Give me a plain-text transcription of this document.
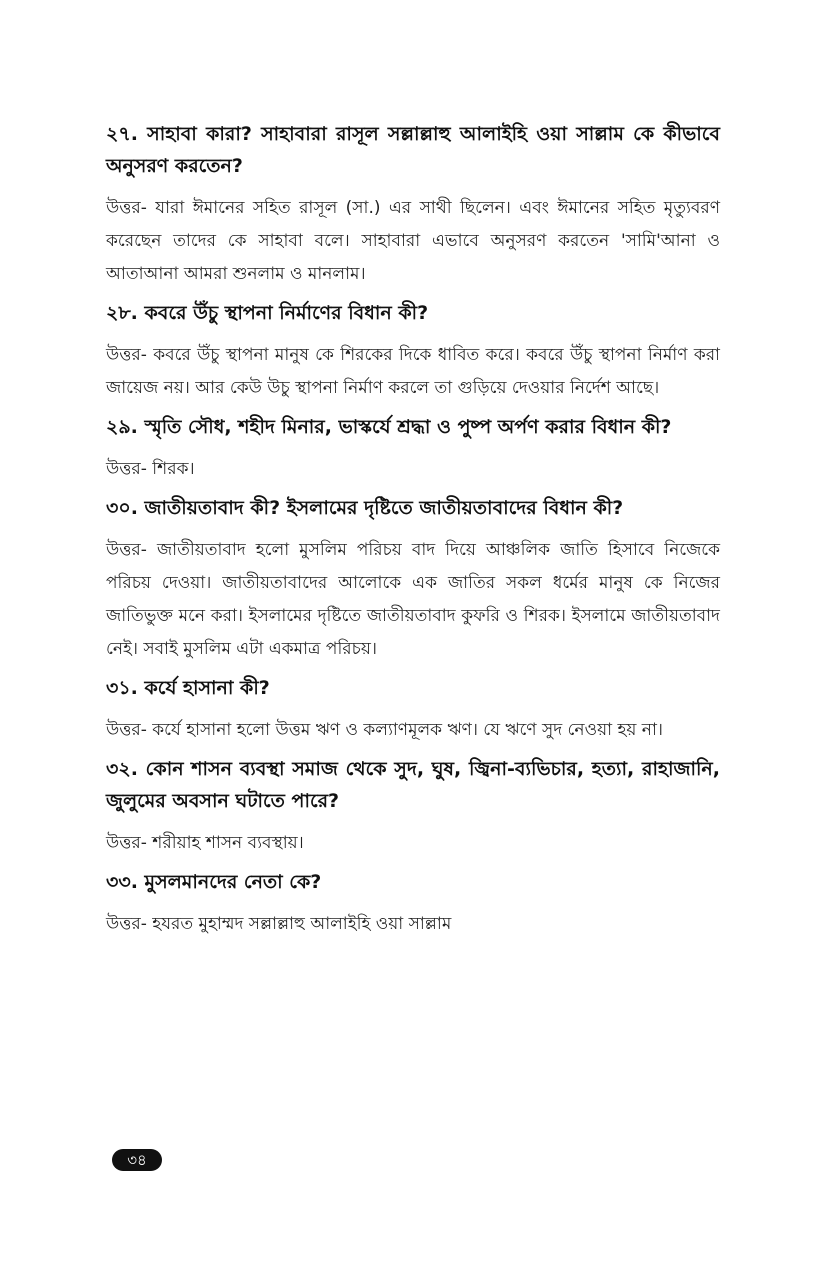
২৭. সাহাবা কারা? সাহাবারা রাসূল সল্লাল্লাহু আলাইহি ওয়া সাল্লাম কে কীভাবে অনুসরণ করতেন?

উত্তর- যারা ঈমানের সহিত রাসূল (সা.) এর সাথী ছিলেন। এবং ঈমানের সহিত মৃত্যুবরণ করেছেন তাদের কে সাহাবা বলে। সাহাবারা এভাবে অনুসরণ করতেন 'সামি'আনা ও আতাআনা আমরা শুনলাম ও মানলাম।

২৮. কবরে উঁচু স্থাপনা নির্মাণের বিধান কী?

উত্তর- কবরে উঁচু স্থাপনা মানুষ কে শিরকের দিকে ধাবিত করে। কবরে উঁচু স্থাপনা নির্মাণ করা জায়েজ নয়। আর কেউ উচু স্থাপনা নির্মাণ করলে তা গুড়িয়ে দেওয়ার নির্দেশ আছে।

২৯. স্মৃতি সৌধ, শহীদ মিনার, ভাস্কর্যে শ্রদ্ধা ও পুষ্প অর্পণ করার বিধান কী?

উত্তর- শিরক।

৩০. জাতীয়তাবাদ কী? ইসলামের দৃষ্টিতে জাতীয়তাবাদের বিধান কী?

উত্তর- জাতীয়তাবাদ হলো মুসলিম পরিচয় বাদ দিয়ে আঞ্চলিক জাতি হিসাবে নিজেকে পরিচয় দেওয়া। জাতীয়তাবাদের আলোকে এক জাতির সকল ধর্মের মানুষ কে নিজের জাতিভুক্ত মনে করা। ইসলামের দৃষ্টিতে জাতীয়তাবাদ কুফরি ও শিরক। ইসলামে জাতীয়তাবাদ নেই। সবাই মুসলিম এটা একমাত্র পরিচয়।

৩১. কর্যে হাসানা কী?

উত্তর- কর্যে হাসানা হলো উত্তম ঋণ ও কল্যাণমূলক ঋণ। যে ঋণে সুদ নেওয়া হয় না।

৩২. কোন শাসন ব্যবস্থা সমাজ থেকে সুদ, ঘুষ, জ্বিনা-ব্যভিচার, হত্যা, রাহাজানি, জুলুমের অবসান ঘটাতে পারে?

উত্তর- শরীয়াহ শাসন ব্যবস্থায়।

৩৩. মুসলমানদের নেতা কে?

উত্তর- হযরত মুহাম্মদ সল্লাল্লাহু আলাইহি ওয়া সাল্লাম

৩৪
